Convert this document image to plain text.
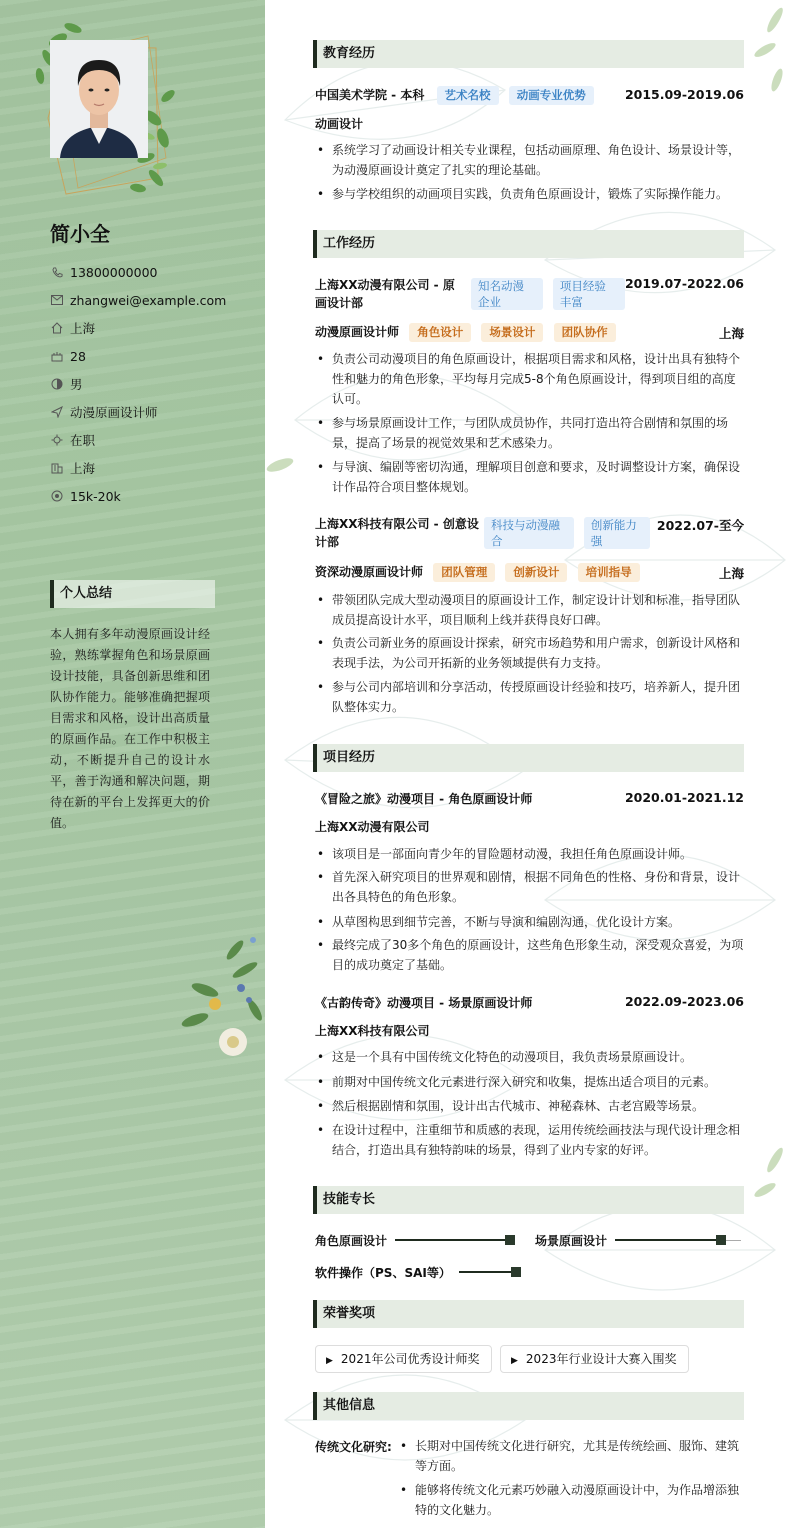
简小全
13800000000
zhangwei@example.com
上海
28
男
动漫原画设计师
在职
上海
15k-20k
个人总结
本人拥有多年动漫原画设计经验，熟练掌握角色和场景原画设计技能，具备创新思维和团队协作能力。能够准确把握项目需求和风格，设计出高质量的原画作品。在工作中积极主动，不断提升自己的设计水平，善于沟通和解决问题，期待在新的平台上发挥更大的价值。
教育经历
中国美术学院 - 本科 艺术名校 动画专业优势	2015.09-2019.06
动画设计
• 系统学习了动画设计相关专业课程，包括动画原理、角色设计、场景设计等，为动漫原画设计奠定了扎实的理论基础。
• 参与学校组织的动画项目实践，负责角色原画设计，锻炼了实际操作能力。
工作经历
上海XX动漫有限公司 - 原
画设计部
知名动漫
企业 项目经验
丰富
2019.07-2022.06
动漫原画设计师 角色设计 场景设计 团队协作	上海
• 负责公司动漫项目的角色原画设计，根据项目需求和风格，设计出具有独特个性和魅力的角色形象，平均每月完成5-8个角色原画设计，得到项目组的高度认可。
• 参与场景原画设计工作，与团队成员协作，共同打造出符合剧情和氛围的场景，提高了场景的视觉效果和艺术感染力。
• 与导演、编剧等密切沟通，理解项目创意和要求，及时调整设计方案，确保设计作品符合项目整体规划。
上海XX科技有限公司 - 创意设
计部
科技与动漫融
合 创新能力
强
2022.07-至今
资深动漫原画设计师 团队管理 创新设计 培训指导	上海
• 带领团队完成大型动漫项目的原画设计工作，制定设计计划和标准，指导团队成员提高设计水平，项目顺利上线并获得良好口碑。
• 负责公司新业务的原画设计探索，研究市场趋势和用户需求，创新设计风格和表现手法，为公司开拓新的业务领域提供有力支持。
• 参与公司内部培训和分享活动，传授原画设计经验和技巧，培养新人，提升团队整体实力。
项目经历
《冒险之旅》动漫项目 - 角色原画设计师	2020.01-2021.12
上海XX动漫有限公司
• 该项目是一部面向青少年的冒险题材动漫，我担任角色原画设计师。
• 首先深入研究项目的世界观和剧情，根据不同角色的性格、身份和背景，设计出各具特色的角色形象。
• 从草图构思到细节完善，不断与导演和编剧沟通，优化设计方案。
• 最终完成了30多个角色的原画设计，这些角色形象生动，深受观众喜爱，为项目的成功奠定了基础。
《古韵传奇》动漫项目 - 场景原画设计师	2022.09-2023.06
上海XX科技有限公司
• 这是一个具有中国传统文化特色的动漫项目，我负责场景原画设计。
• 前期对中国传统文化元素进行深入研究和收集，提炼出适合项目的元素。
• 然后根据剧情和氛围，设计出古代城市、神秘森林、古老宫殿等场景。
• 在设计过程中，注重细节和质感的表现，运用传统绘画技法与现代设计理念相结合，打造出具有独特韵味的场景，得到了业内专家的好评。
技能专长
角色原画设计	场景原画设计
软件操作（PS、SAI等）
荣誉奖项
▶ 2021年公司优秀设计师奖	▶ 2023年行业设计大赛入围奖
其他信息
传统文化研究:
•	长期对中国传统文化进行研究，尤其是传统绘画、服饰、建筑等方面。
• 能够将传统文化元素巧妙融入动漫原画设计中，为作品增添独特的文化魅力。
